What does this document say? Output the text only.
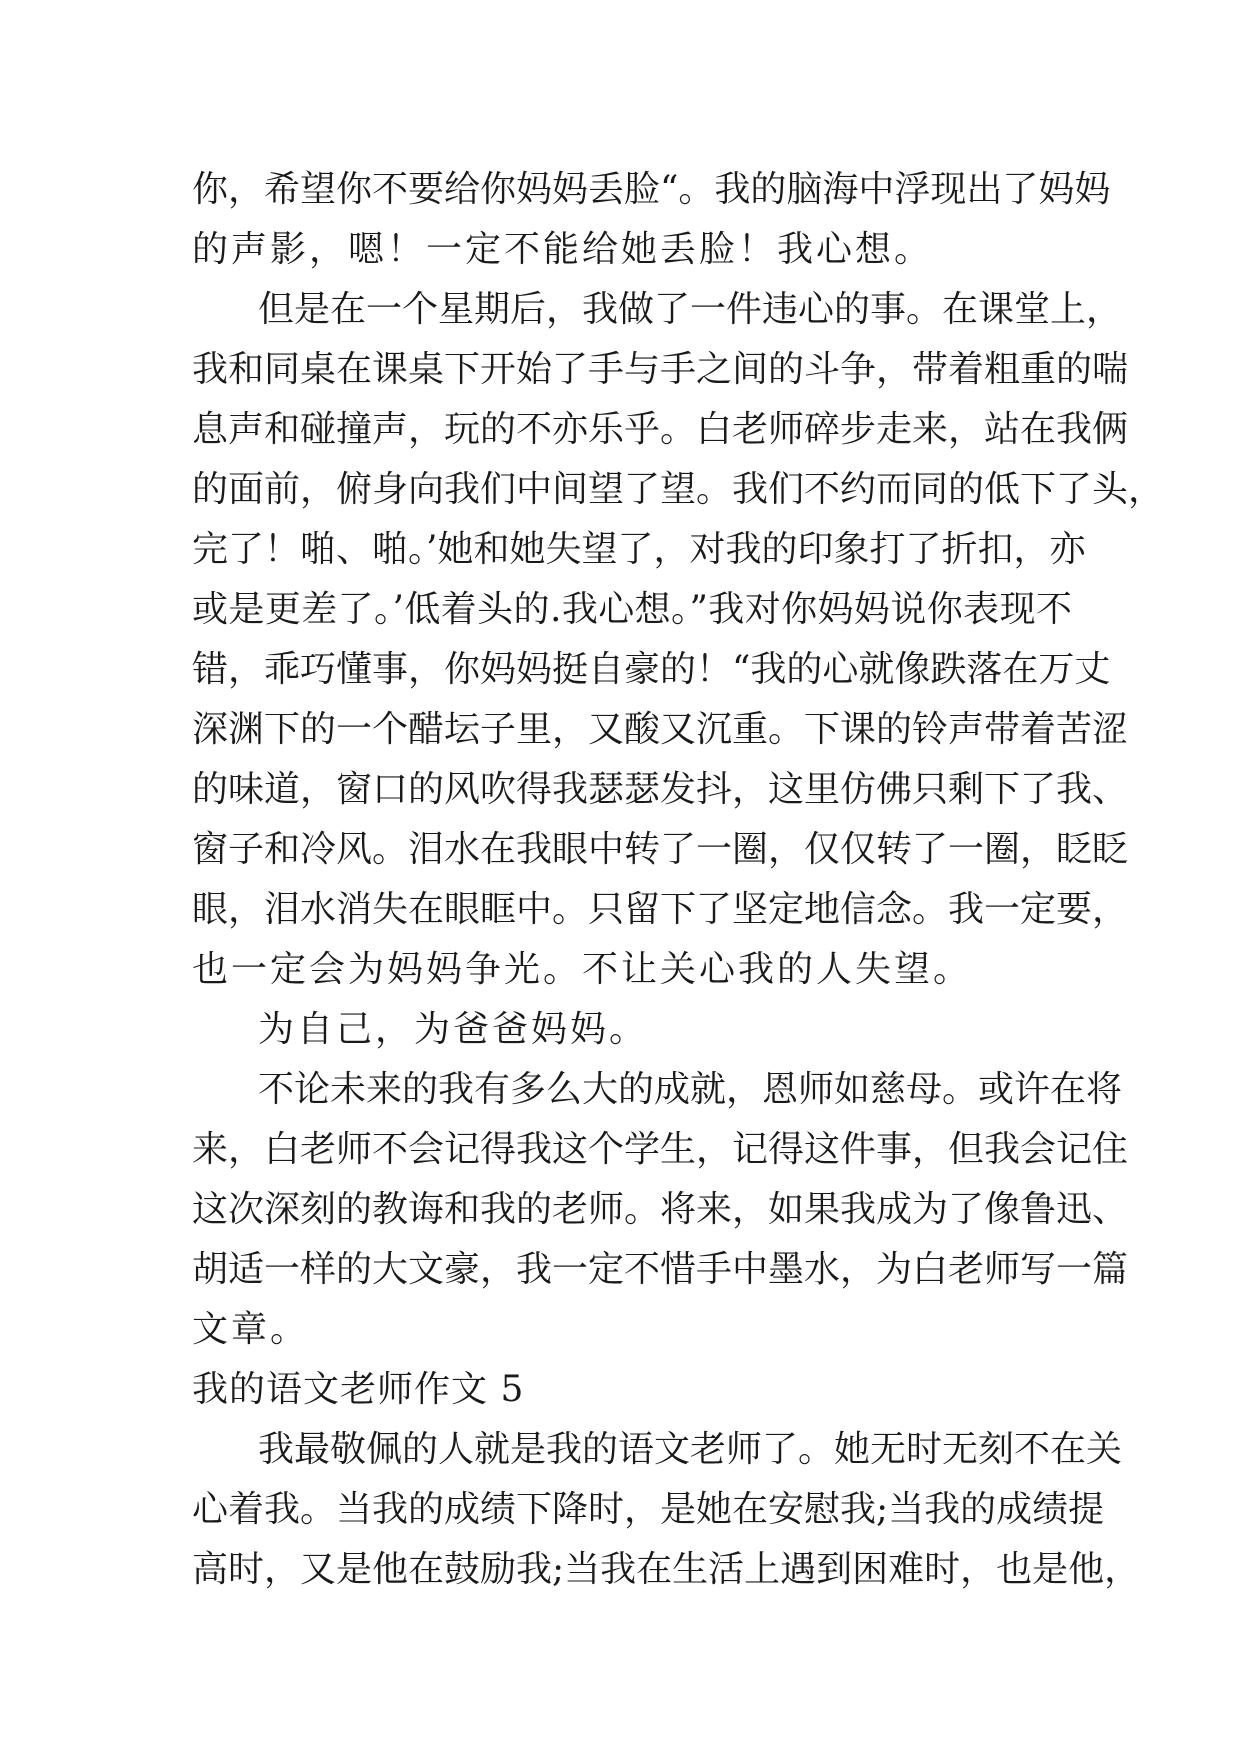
你，希望你不要给你妈妈丢脸“。我的脑海中浮现出了妈妈
的声影，嗯！一定不能给她丢脸！我心想。
但是在一个星期后，我做了一件违心的事。在课堂上，
我和同桌在课桌下开始了手与手之间的斗争，带着粗重的喘
息声和碰撞声，玩的不亦乐乎。白老师碎步走来，站在我俩
的面前，俯身向我们中间望了望。我们不约而同的低下了头，
完了！啪、啪。’她和她失望了，对我的印象打了折扣，亦
或是更差了。’低着头的.我心想。”我对你妈妈说你表现不
错，乖巧懂事，你妈妈挺自豪的！“我的心就像跌落在万丈
深渊下的一个醋坛子里，又酸又沉重。下课的铃声带着苦涩
的味道，窗口的风吹得我瑟瑟发抖，这里仿佛只剩下了我、
窗子和冷风。泪水在我眼中转了一圈，仅仅转了一圈，眨眨
眼，泪水消失在眼眶中。只留下了坚定地信念。我一定要，
也一定会为妈妈争光。不让关心我的人失望。
为自己，为爸爸妈妈。
不论未来的我有多么大的成就，恩师如慈母。或许在将
来，白老师不会记得我这个学生，记得这件事，但我会记住
这次深刻的教诲和我的老师。将来，如果我成为了像鲁迅、
胡适一样的大文豪，我一定不惜手中墨水，为白老师写一篇
文章。
我的语文老师作文 5
我最敬佩的人就是我的语文老师了。她无时无刻不在关
心着我。当我的成绩下降时，是她在安慰我;当我的成绩提
高时，又是他在鼓励我;当我在生活上遇到困难时，也是他，
